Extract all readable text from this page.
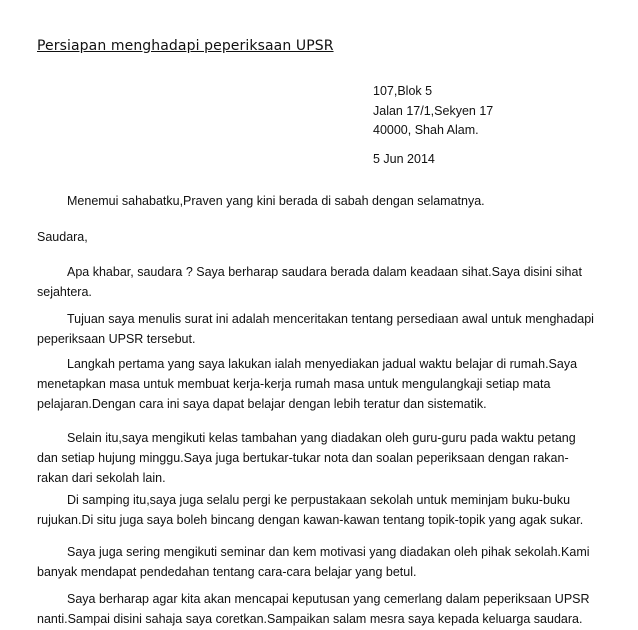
Persiapan menghadapi peperiksaan UPSR
107,Blok 5
Jalan 17/1,Sekyen 17
40000, Shah Alam.
5 Jun 2014
Menemui sahabatku,Praven yang kini berada di sabah dengan selamatnya.
Saudara,
Apa khabar, saudara ? Saya berharap saudara berada dalam keadaan sihat.Saya disini sihat sejahtera.
Tujuan saya menulis surat ini adalah menceritakan tentang persediaan awal untuk menghadapi peperiksaan UPSR tersebut.
Langkah pertama yang saya lakukan ialah menyediakan jadual waktu belajar di rumah.Saya menetapkan masa untuk membuat kerja-kerja rumah masa untuk mengulangkaji setiap mata pelajaran.Dengan cara ini saya dapat belajar dengan lebih teratur dan sistematik.
Selain itu,saya mengikuti kelas tambahan yang diadakan oleh guru-guru pada waktu petang dan setiap hujung minggu.Saya juga bertukar-tukar nota dan soalan peperiksaan dengan rakan-rakan dari sekolah lain.
Di samping itu,saya juga selalu pergi ke perpustakaan sekolah untuk meminjam buku-buku rujukan.Di situ juga saya boleh bincang dengan kawan-kawan tentang topik-topik yang agak sukar.
Saya juga sering mengikuti seminar dan kem motivasi yang diadakan oleh pihak sekolah.Kami banyak mendapat pendedahan tentang cara-cara belajar yang betul.
Saya berharap agar kita akan mencapai keputusan yang cemerlang dalam peperiksaan UPSR nanti.Sampai disini sahaja saya coretkan.Sampaikan salam mesra saya kepada keluarga saudara.
